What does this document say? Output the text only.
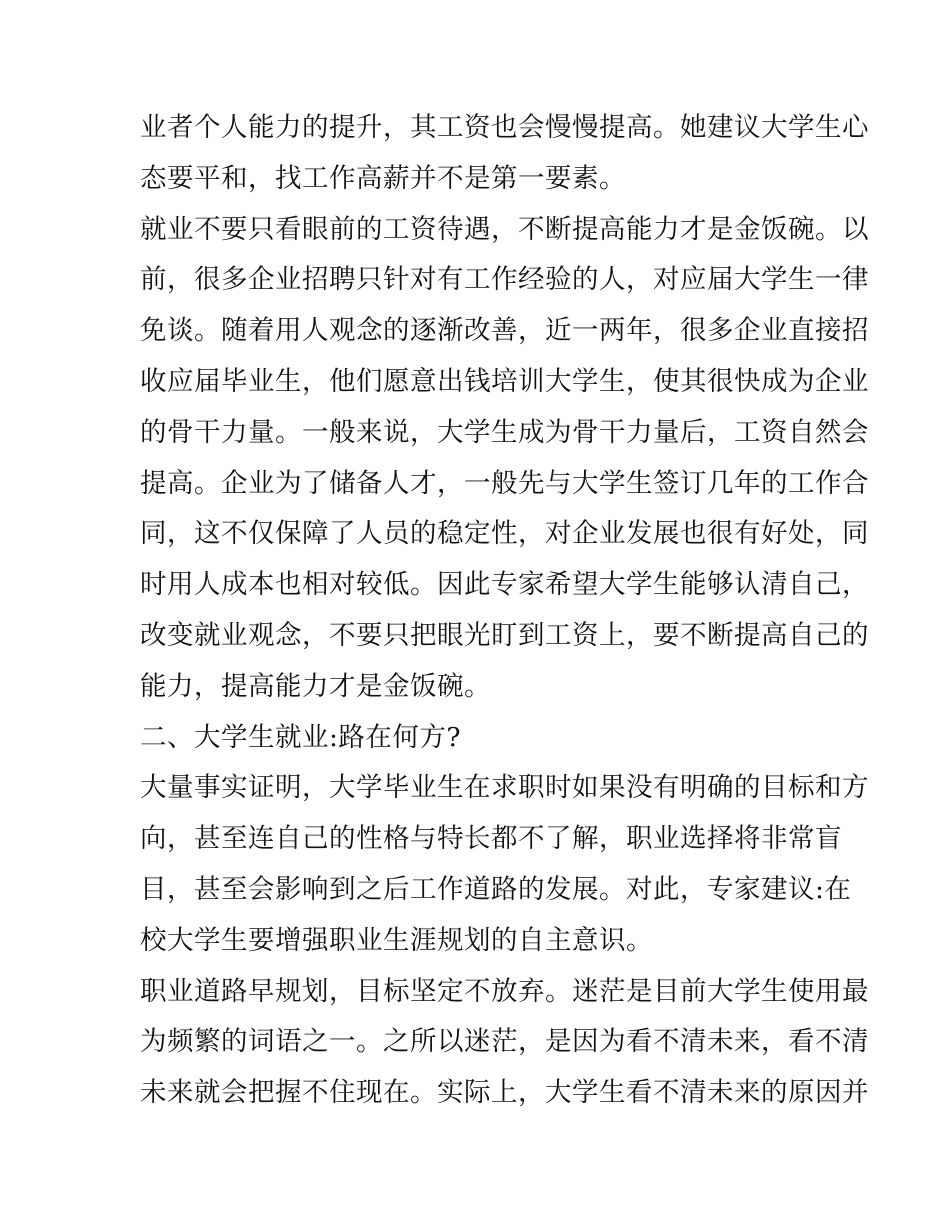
业者个人能力的提升，其工资也会慢慢提高。她建议大学生心
态要平和，找工作高薪并不是第一要素。
就业不要只看眼前的工资待遇，不断提高能力才是金饭碗。以
前，很多企业招聘只针对有工作经验的人，对应届大学生一律
免谈。随着用人观念的逐渐改善，近一两年，很多企业直接招
收应届毕业生，他们愿意出钱培训大学生，使其很快成为企业
的骨干力量。一般来说，大学生成为骨干力量后，工资自然会
提高。企业为了储备人才，一般先与大学生签订几年的工作合
同，这不仅保障了人员的稳定性，对企业发展也很有好处，同
时用人成本也相对较低。因此专家希望大学生能够认清自己，
改变就业观念，不要只把眼光盯到工资上，要不断提高自己的
能力，提高能力才是金饭碗。
二、大学生就业:路在何方?
大量事实证明，大学毕业生在求职时如果没有明确的目标和方
向，甚至连自己的性格与特长都不了解，职业选择将非常盲
目，甚至会影响到之后工作道路的发展。对此，专家建议:在
校大学生要增强职业生涯规划的自主意识。
职业道路早规划，目标坚定不放弃。迷茫是目前大学生使用最
为频繁的词语之一。之所以迷茫，是因为看不清未来，看不清
未来就会把握不住现在。实际上，大学生看不清未来的原因并
